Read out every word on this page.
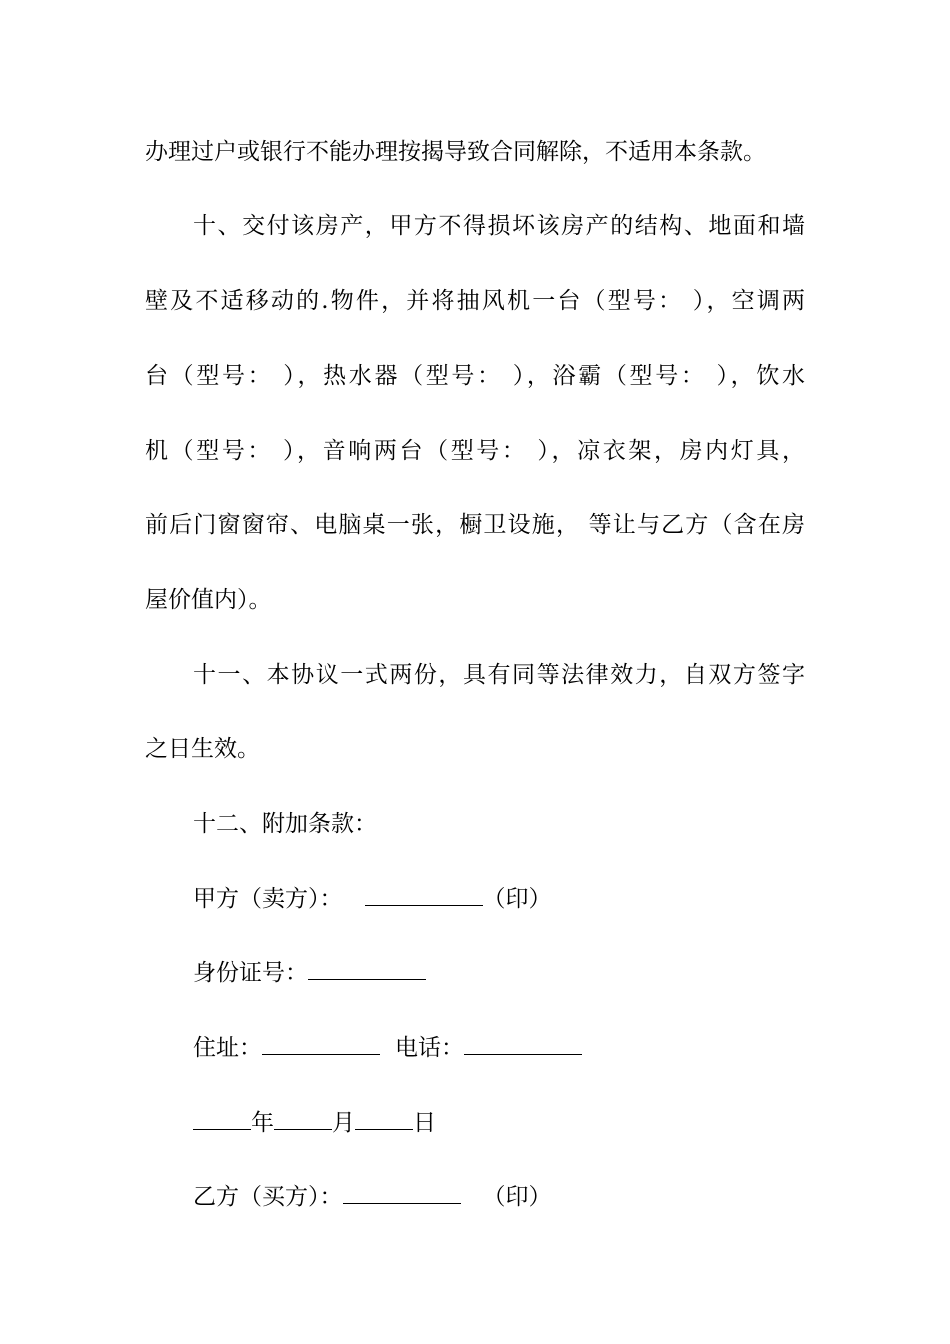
办理过户或银行不能办理按揭导致合同解除，不适用本条款。
十、交付该房产，甲方不得损坏该房产的结构、地面和墙
壁及不适移动的.物件，并将抽风机一台（型号： ），空调两
台（型号： ），热水器（型号： ），浴霸（型号： ），饮水
机（型号： ），音响两台（型号： ），凉衣架，房内灯具，
前后门窗窗帘、电脑桌一张，橱卫设施， 等让与乙方（含在房
屋价值内）。
十一、本协议一式两份，具有同等法律效力，自双方签字
之日生效。
十二、附加条款：
甲方（卖方）：	（印）
身份证号：
住址：	电话：
年	月	日
乙方（买方）：	（印）
